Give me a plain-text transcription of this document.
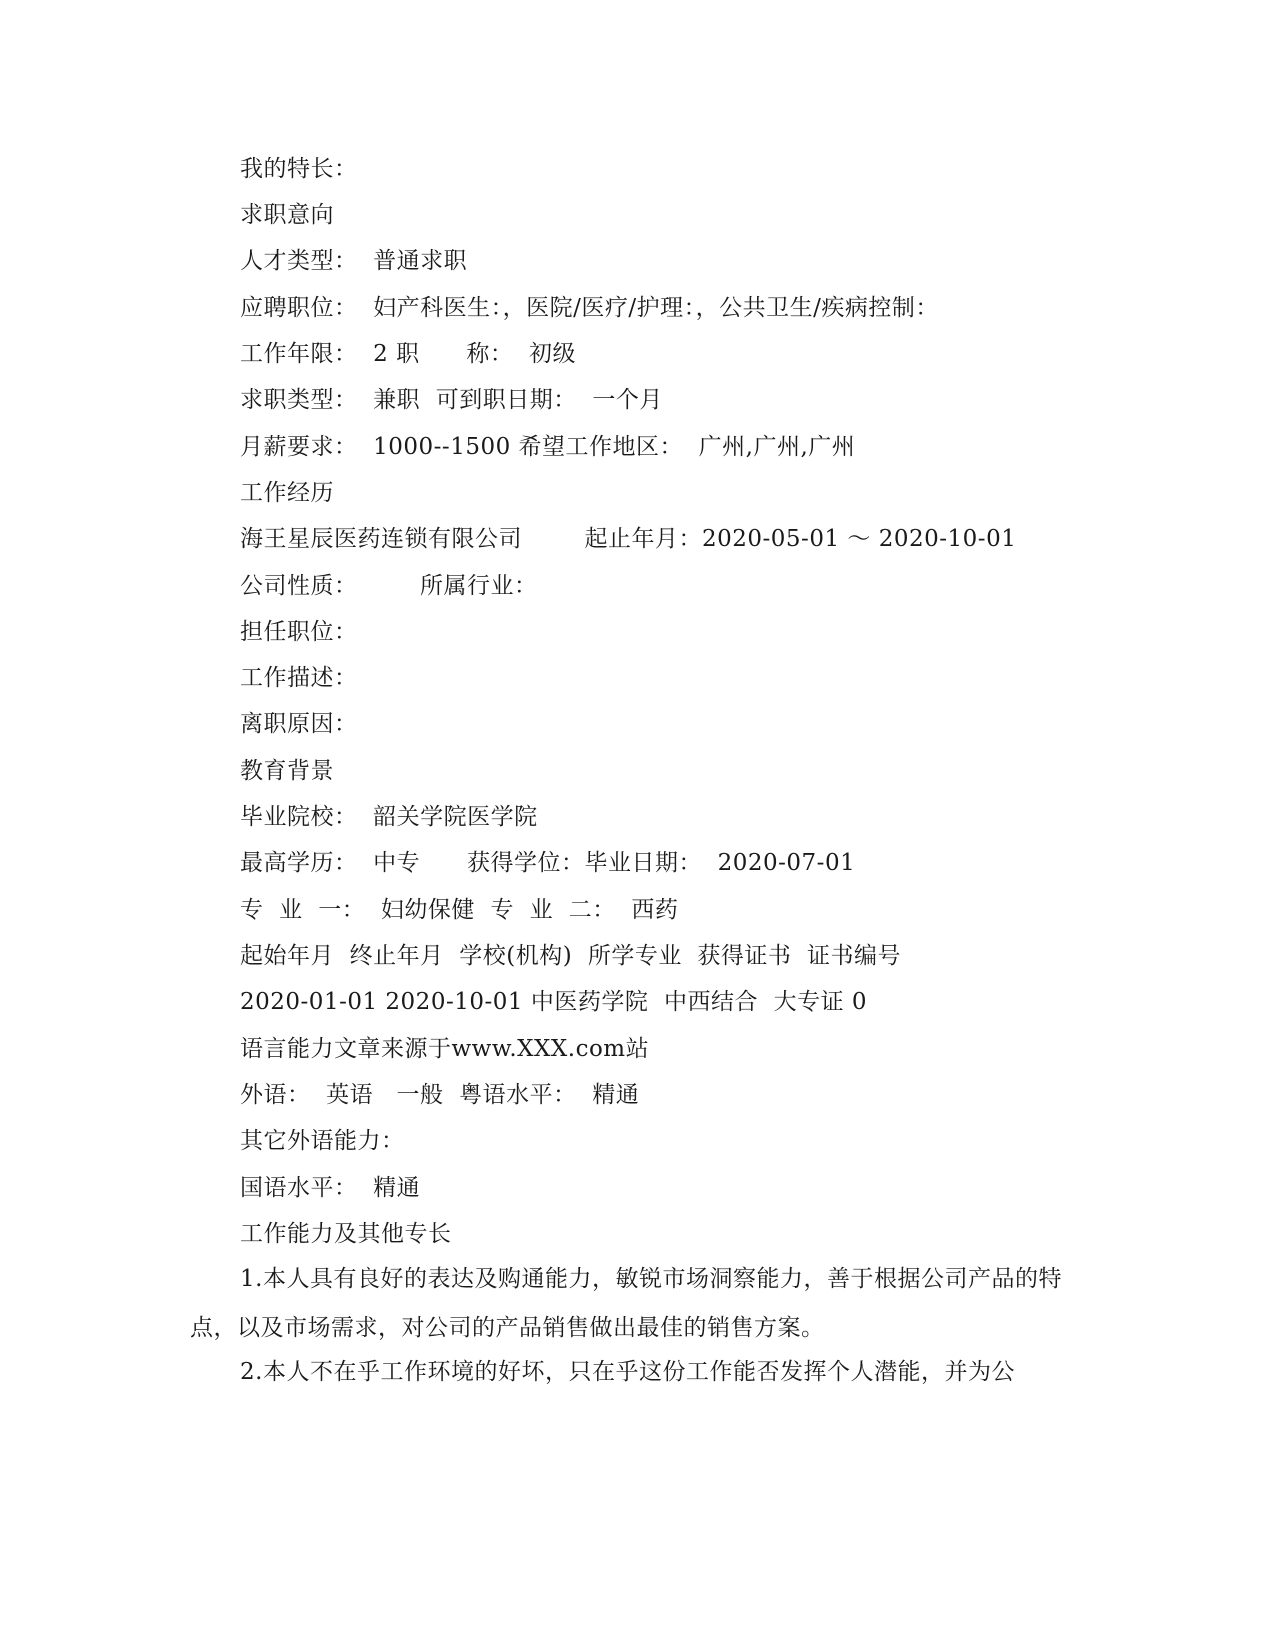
我的特长：
求职意向
人才类型：  普通求职
应聘职位：  妇产科医生：，医院/医疗/护理：，公共卫生/疾病控制：
工作年限：  2 职      称：  初级
求职类型：  兼职  可到职日期：  一个月
月薪要求：  1000--1500 希望工作地区：  广州,广州,广州
工作经历
海王星辰医药连锁有限公司        起止年月：2020-05-01 ～ 2020-10-01
公司性质：        所属行业：
担任职位：
工作描述：
离职原因：
教育背景
毕业院校：  韶关学院医学院
最高学历：  中专      获得学位：毕业日期：  2020-07-01
专  业  一：  妇幼保健  专  业  二：  西药
起始年月  终止年月  学校(机构)  所学专业  获得证书  证书编号
2020-01-01 2020-10-01 中医药学院  中西结合  大专证 0
语言能力文章来源于www.XXX.com站
外语：  英语   一般  粤语水平：  精通
其它外语能力：
国语水平：  精通
工作能力及其他专长
1.本人具有良好的表达及购通能力，敏锐市场洞察能力，善于根据公司产品的特点，以及市场需求，对公司的产品销售做出最佳的销售方案。
2.本人不在乎工作环境的好坏，只在乎这份工作能否发挥个人潜能，并为公
